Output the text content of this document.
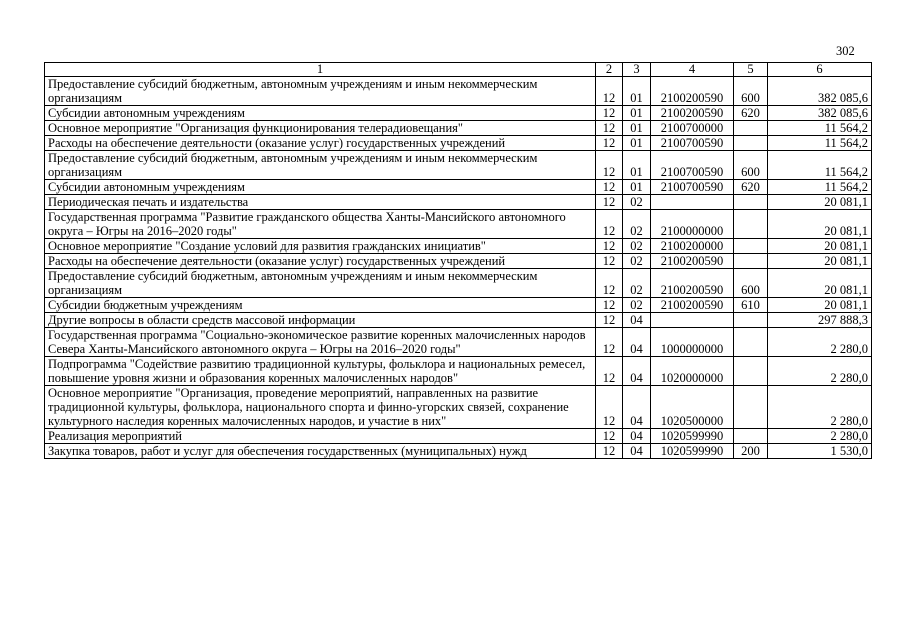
302
1	2	3	4	5	6
Предоставление субсидий бюджетным, автономным учреждениям и иным некоммерческим организациям	12	01	2100200590	600	382 085,6
Субсидии автономным учреждениям	12	01	2100200590	620	382 085,6
Основное мероприятие "Организация функционирования телерадиовещания"	12	01	2100700000		11 564,2
Расходы на обеспечение деятельности (оказание услуг) государственных учреждений	12	01	2100700590		11 564,2
Предоставление субсидий бюджетным, автономным учреждениям и иным некоммерческим организациям	12	01	2100700590	600	11 564,2
Субсидии автономным учреждениям	12	01	2100700590	620	11 564,2
Периодическая печать и издательства	12	02			20 081,1
Государственная программа "Развитие гражданского общества Ханты-Мансийского автономного округа – Югры на 2016–2020 годы"	12	02	2100000000		20 081,1
Основное мероприятие "Создание условий для развития гражданских инициатив"	12	02	2100200000		20 081,1
Расходы на обеспечение деятельности (оказание услуг) государственных учреждений	12	02	2100200590		20 081,1
Предоставление субсидий бюджетным, автономным учреждениям и иным некоммерческим организациям	12	02	2100200590	600	20 081,1
Субсидии бюджетным учреждениям	12	02	2100200590	610	20 081,1
Другие вопросы в области средств массовой информации	12	04			297 888,3
Государственная программа "Социально-экономическое развитие коренных малочисленных народов Севера Ханты-Мансийского автономного округа – Югры на 2016–2020 годы"	12	04	1000000000		2 280,0
Подпрограмма "Содействие развитию традиционной культуры, фольклора и национальных ремесел, повышение уровня жизни и образования коренных малочисленных народов"	12	04	1020000000		2 280,0
Основное мероприятие "Организация, проведение мероприятий, направленных на развитие традиционной культуры, фольклора, национального спорта и финно-угорских связей, сохранение культурного наследия коренных малочисленных народов, и участие в них"	12	04	1020500000		2 280,0
Реализация мероприятий	12	04	1020599990		2 280,0
Закупка товаров, работ и услуг для обеспечения государственных (муниципальных) нужд	12	04	1020599990	200	1 530,0
